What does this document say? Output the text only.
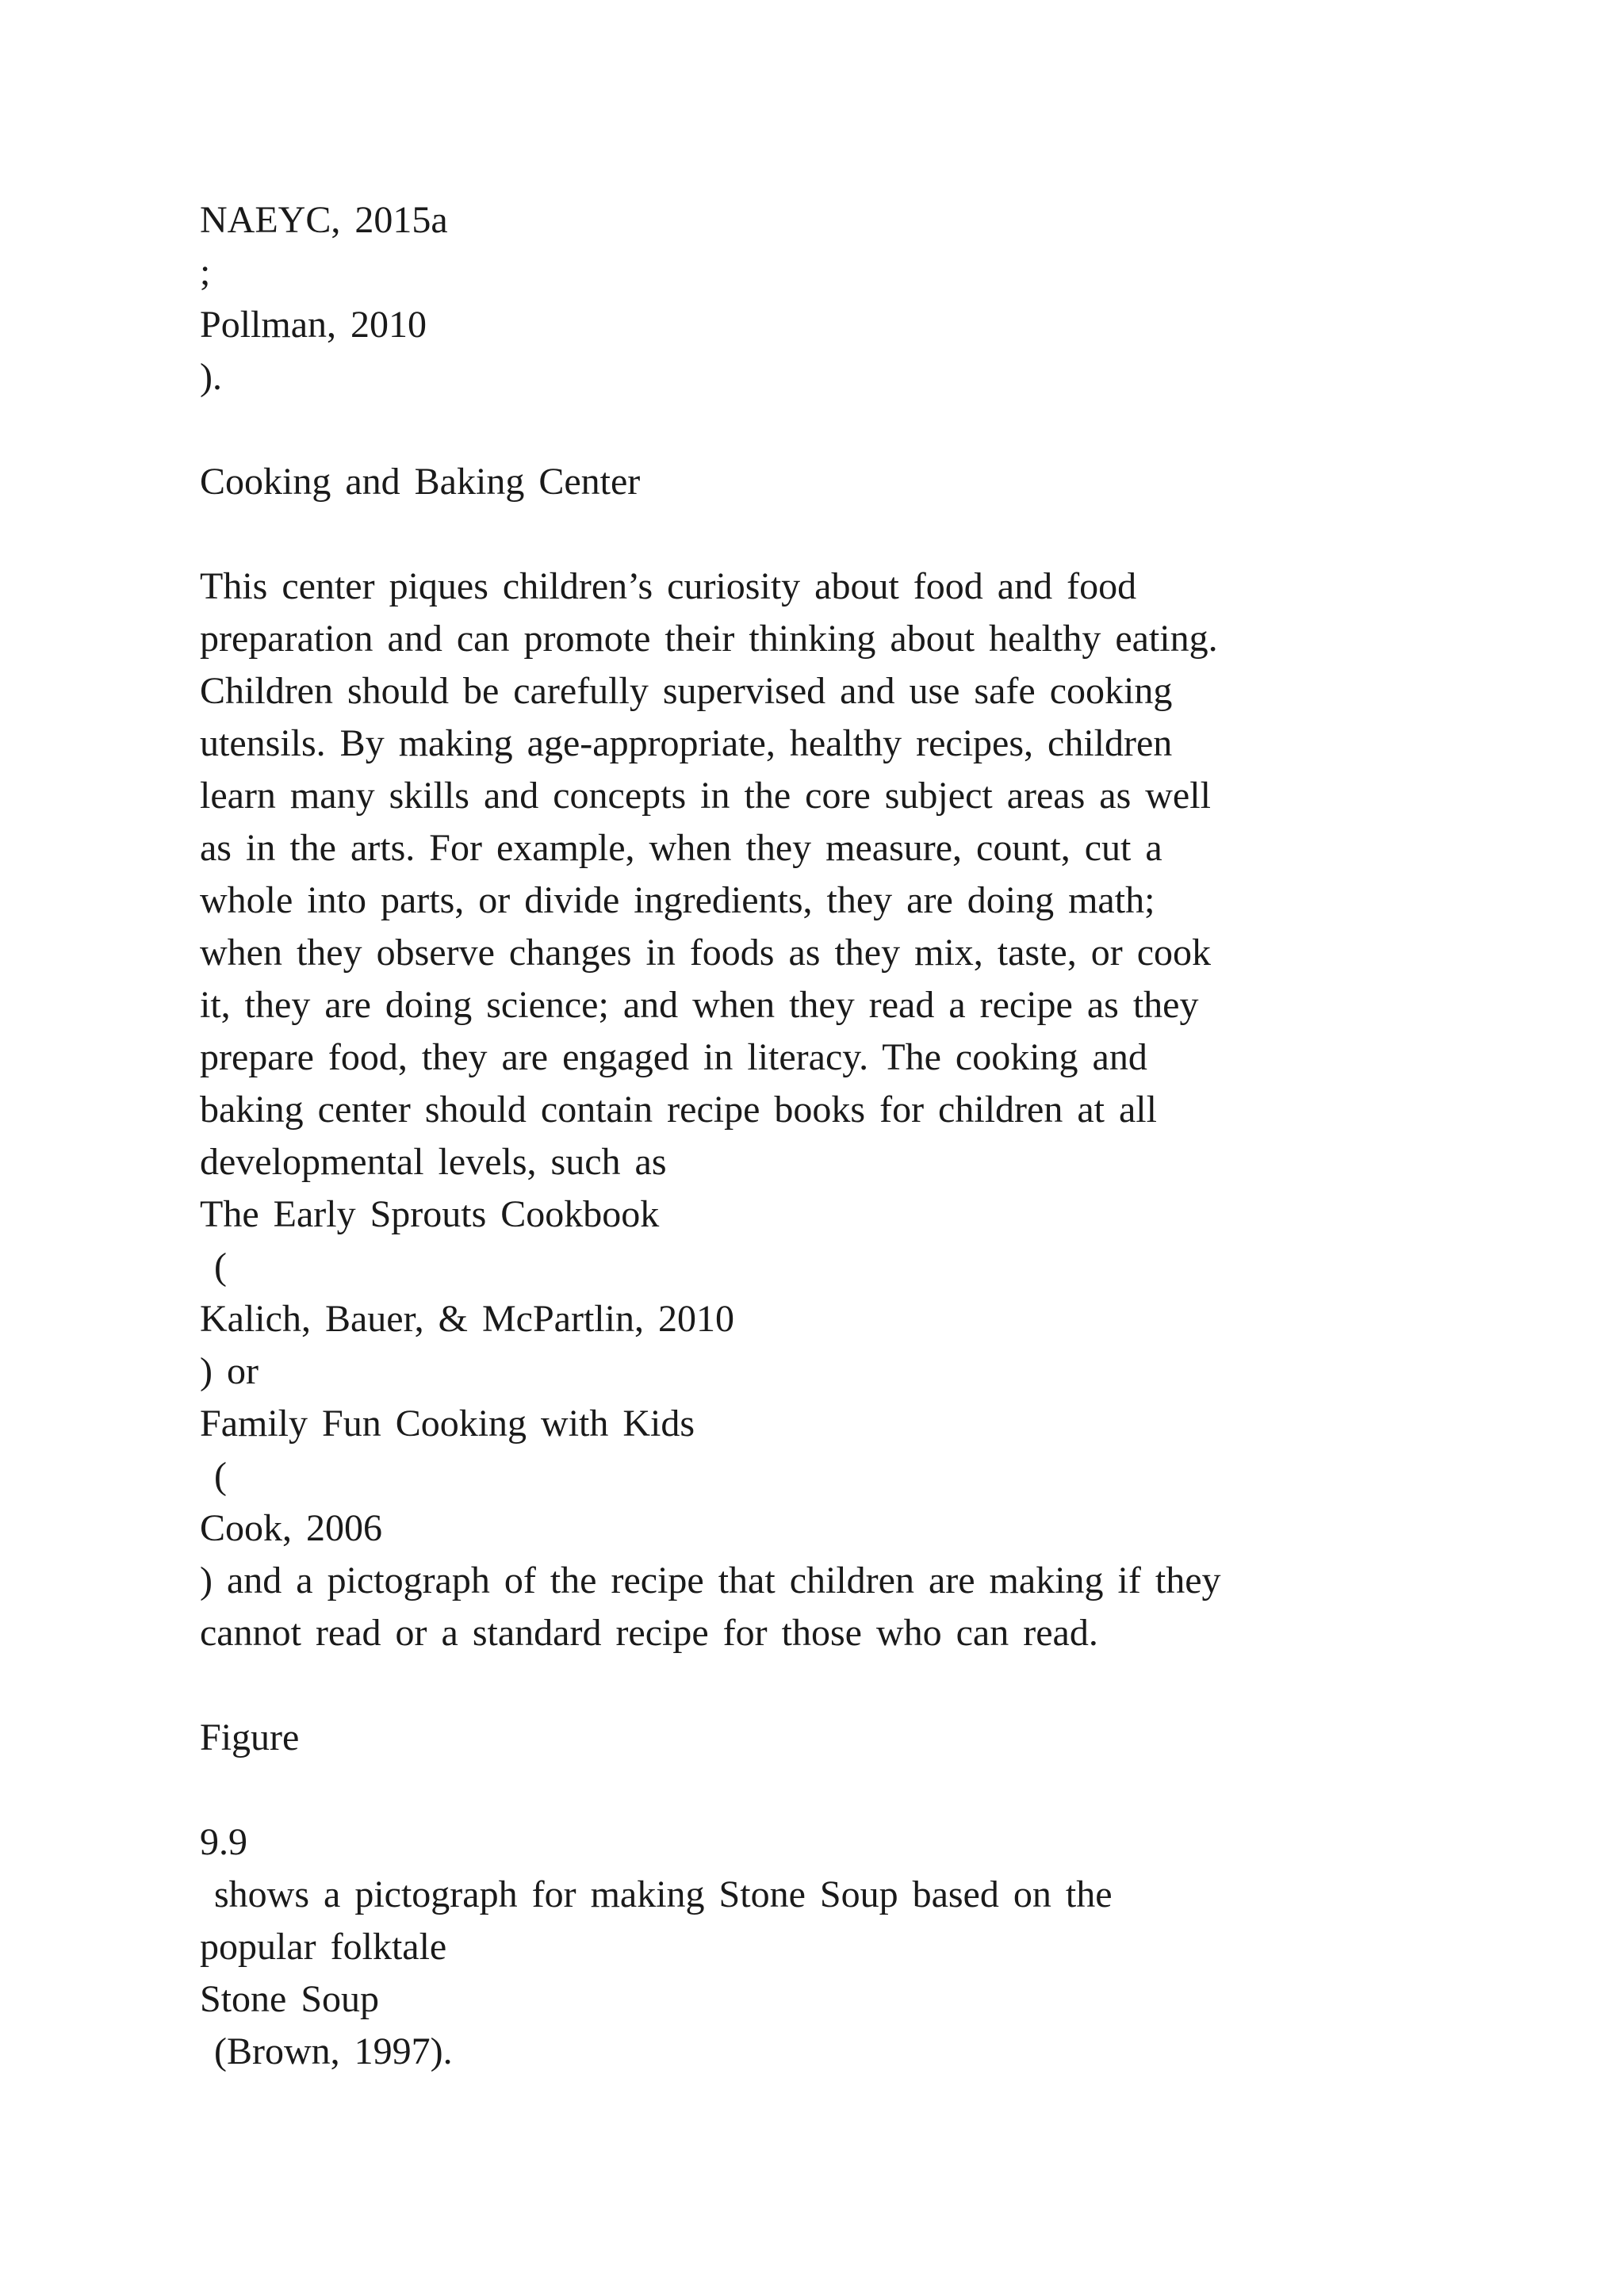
NAEYC, 2015a
;
Pollman, 2010
).
Cooking and Baking Center
This center piques children’s curiosity about food and food
preparation and can promote their thinking about healthy eating.
Children should be carefully supervised and use safe cooking
utensils. By making age-appropriate, healthy recipes, children
learn many skills and concepts in the core subject areas as well
as in the arts. For example, when they measure, count, cut a
whole into parts, or divide ingredients, they are doing math;
when they observe changes in foods as they mix, taste, or cook
it, they are doing science; and when they read a recipe as they
prepare food, they are engaged in literacy. The cooking and
baking center should contain recipe books for children at all
developmental levels, such as
The Early Sprouts Cookbook
(
Kalich, Bauer, & McPartlin, 2010
) or
Family Fun Cooking with Kids
(
Cook, 2006
) and a pictograph of the recipe that children are making if they
cannot read or a standard recipe for those who can read.
Figure
9.9
shows a pictograph for making Stone Soup based on the
popular folktale
Stone Soup
(Brown, 1997).
